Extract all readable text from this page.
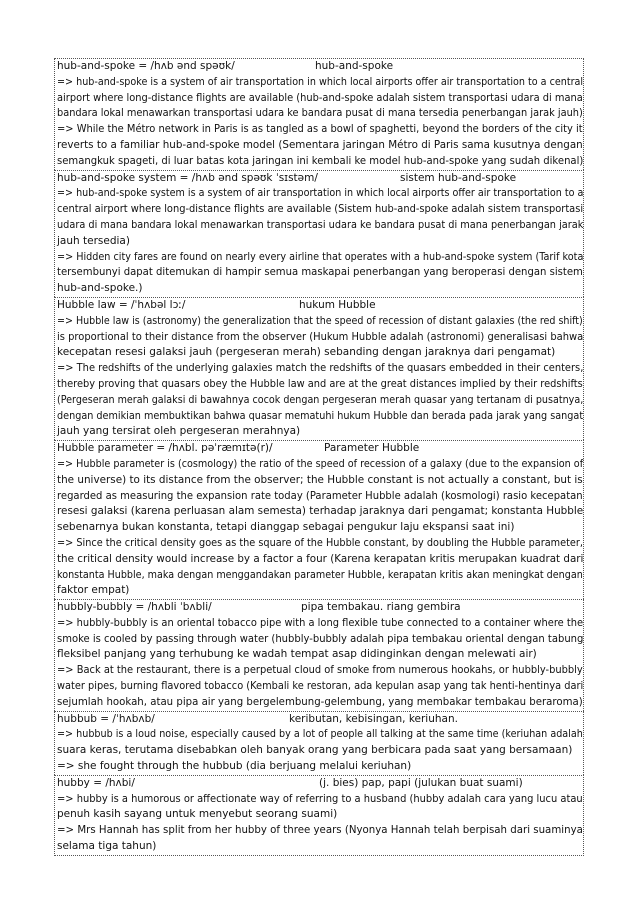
hub-and-spoke = /hʌb ənd spəʊk/	hub-and-spoke
=> hub-and-spoke is a system of air transportation in which local airports offer air transportation to a central
airport where long-distance flights are available (hub-and-spoke adalah sistem transportasi udara di mana
bandara lokal menawarkan transportasi udara ke bandara pusat di mana tersedia penerbangan jarak jauh)
=> While the Métro network in Paris is as tangled as a bowl of spaghetti, beyond the borders of the city it
reverts to a familiar hub-and-spoke model (Sementara jaringan Métro di Paris sama kusutnya dengan
semangkuk spageti, di luar batas kota jaringan ini kembali ke model hub-and-spoke yang sudah dikenal)
hub-and-spoke system = /hʌb ənd spəʊk ˈsɪstəm/	sistem hub-and-spoke
=> hub-and-spoke system is a system of air transportation in which local airports offer air transportation to a
central airport where long-distance flights are available (Sistem hub-and-spoke adalah sistem transportasi
udara di mana bandara lokal menawarkan transportasi udara ke bandara pusat di mana penerbangan jarak
jauh tersedia)
=> Hidden city fares are found on nearly every airline that operates with a hub-and-spoke system (Tarif kota
tersembunyi dapat ditemukan di hampir semua maskapai penerbangan yang beroperasi dengan sistem
hub-and-spoke.)
Hubble law = /ˈhʌbəl lɔː/	hukum Hubble
=> Hubble law is (astronomy) the generalization that the speed of recession of distant galaxies (the red shift)
is proportional to their distance from the observer (Hukum Hubble adalah (astronomi) generalisasi bahwa
kecepatan resesi galaksi jauh (pergeseran merah) sebanding dengan jaraknya dari pengamat)
=> The redshifts of the underlying galaxies match the redshifts of the quasars embedded in their centers,
thereby proving that quasars obey the Hubble law and are at the great distances implied by their redshifts
(Pergeseran merah galaksi di bawahnya cocok dengan pergeseran merah quasar yang tertanam di pusatnya,
dengan demikian membuktikan bahwa quasar mematuhi hukum Hubble dan berada pada jarak yang sangat
jauh yang tersirat oleh pergeseran merahnya)
Hubble parameter = /hʌbl. pəˈræmɪtə(r)/	Parameter Hubble
=> Hubble parameter is (cosmology) the ratio of the speed of recession of a galaxy (due to the expansion of
the universe) to its distance from the observer; the Hubble constant is not actually a constant, but is
regarded as measuring the expansion rate today (Parameter Hubble adalah (kosmologi) rasio kecepatan
resesi galaksi (karena perluasan alam semesta) terhadap jaraknya dari pengamat; konstanta Hubble
sebenarnya bukan konstanta, tetapi dianggap sebagai pengukur laju ekspansi saat ini)
=> Since the critical density goes as the square of the Hubble constant, by doubling the Hubble parameter,
the critical density would increase by a factor a four (Karena kerapatan kritis merupakan kuadrat dari
konstanta Hubble, maka dengan menggandakan parameter Hubble, kerapatan kritis akan meningkat dengan
faktor empat)
hubbly-bubbly = /hʌbli ˈbʌbli/	pipa tembakau. riang gembira
=> hubbly-bubbly is an oriental tobacco pipe with a long flexible tube connected to a container where the
smoke is cooled by passing through water (hubbly-bubbly adalah pipa tembakau oriental dengan tabung
fleksibel panjang yang terhubung ke wadah tempat asap didinginkan dengan melewati air)
=> Back at the restaurant, there is a perpetual cloud of smoke from numerous hookahs, or hubbly-bubbly
water pipes, burning flavored tobacco (Kembali ke restoran, ada kepulan asap yang tak henti-hentinya dari
sejumlah hookah, atau pipa air yang bergelembung-gelembung, yang membakar tembakau beraroma)
hubbub = /ˈhʌbʌb/	keributan, kebisingan, keriuhan.
=> hubbub is a loud noise, especially caused by a lot of people all talking at the same time (keriuhan adalah
suara keras, terutama disebabkan oleh banyak orang yang berbicara pada saat yang bersamaan)
=> she fought through the hubbub (dia berjuang melalui keriuhan)
hubby = /hʌbi/	(j. bies) pap, papi (julukan buat suami)
=> hubby is a humorous or affectionate way of referring to a husband (hubby adalah cara yang lucu atau
penuh kasih sayang untuk menyebut seorang suami)
=> Mrs Hannah has split from her hubby of three years (Nyonya Hannah telah berpisah dari suaminya
selama tiga tahun)
